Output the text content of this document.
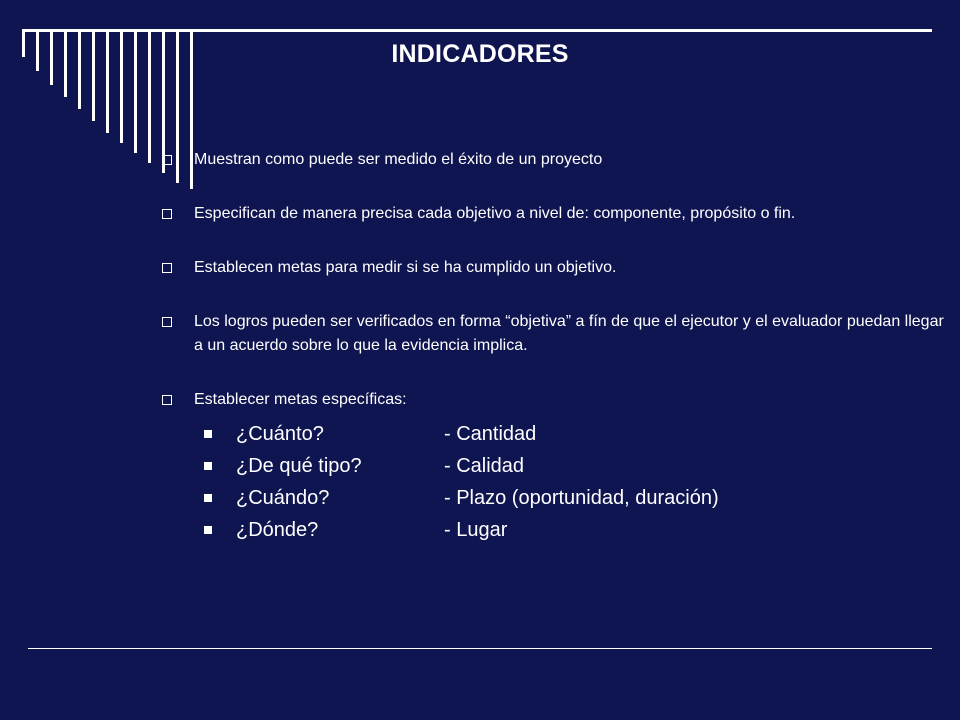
INDICADORES
Muestran como puede ser medido el éxito de un proyecto
Especifican de manera precisa cada objetivo a nivel de: componente, propósito o fin.
Establecen metas para medir si se ha cumplido un objetivo.
Los logros pueden ser verificados en forma “objetiva” a fín de que el ejecutor y el evaluador puedan llegar a un acuerdo sobre lo que la evidencia implica.
Establecer metas específicas:
¿Cuánto?	- Cantidad
¿De qué tipo?	- Calidad
¿Cuándo?	- Plazo (oportunidad, duración)
¿Dónde?	- Lugar
